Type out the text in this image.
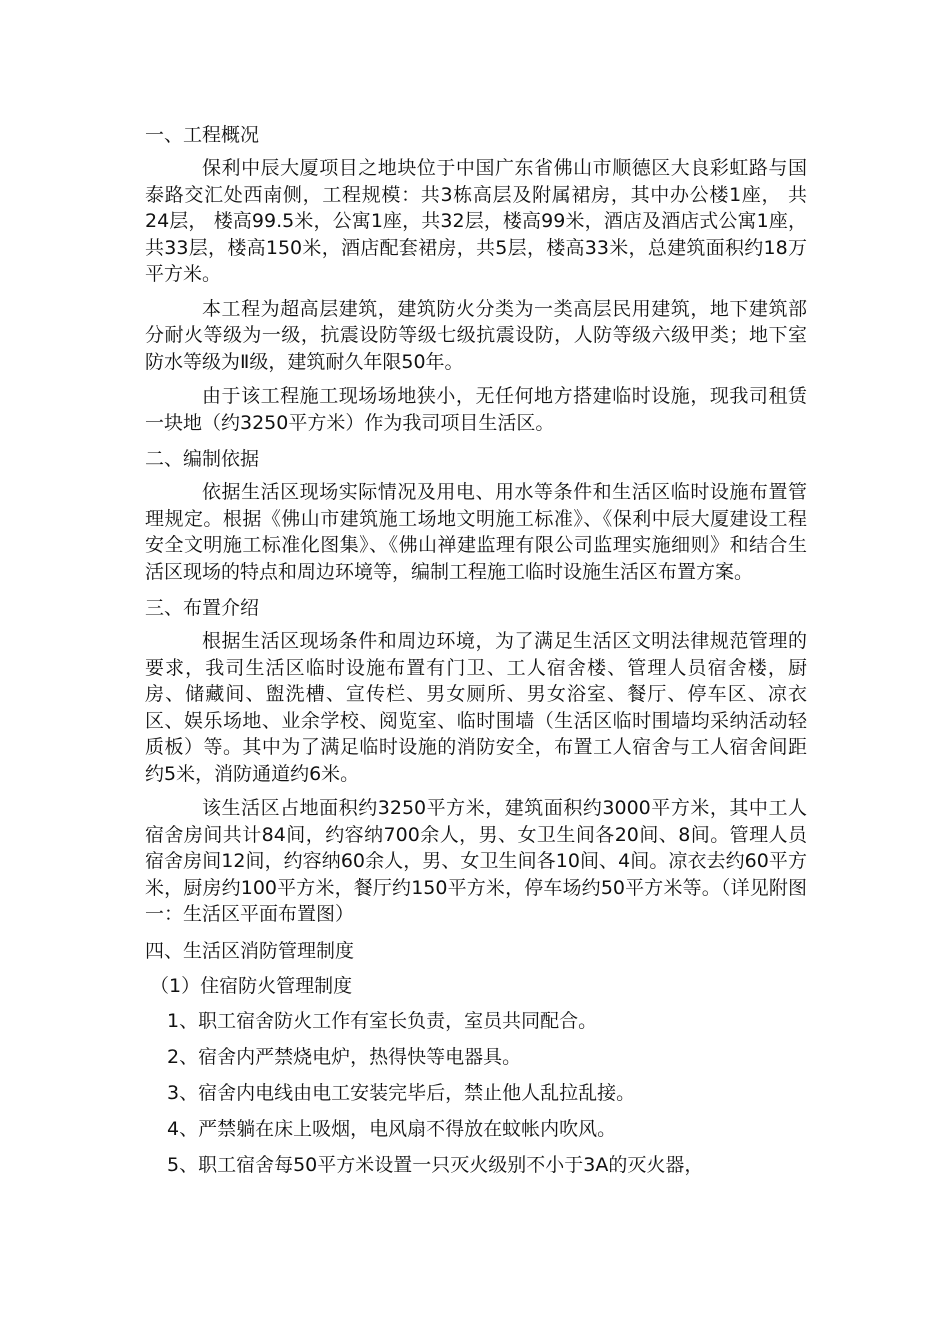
一、工程概况

保利中辰大厦项目之地块位于中国广东省佛山市顺德区大良彩虹路与国泰路交汇处西南侧，工程规模：共3栋高层及附属裙房，其中办公楼1座， 共24层， 楼高99.5米，公寓1座，共32层，楼高99米，酒店及酒店式公寓1座，共33层，楼高150米，酒店配套裙房，共5层，楼高33米，总建筑面积约18万平方米。

本工程为超高层建筑，建筑防火分类为一类高层民用建筑，地下建筑部分耐火等级为一级，抗震设防等级七级抗震设防，人防等级六级甲类；地下室防水等级为Ⅱ级，建筑耐久年限50年。

由于该工程施工现场场地狭小，无任何地方搭建临时设施，现我司租赁一块地（约3250平方米）作为我司项目生活区。

二、编制依据

依据生活区现场实际情况及用电、用水等条件和生活区临时设施布置管理规定。根据《佛山市建筑施工场地文明施工标准》、《保利中辰大厦建设工程安全文明施工标准化图集》、《佛山禅建监理有限公司监理实施细则》和结合生活区现场的特点和周边环境等，编制工程施工临时设施生活区布置方案。

三、布置介绍

根据生活区现场条件和周边环境，为了满足生活区文明法律规范管理的要求，我司生活区临时设施布置有门卫、工人宿舍楼、管理人员宿舍楼，厨房、储藏间、盥洗槽、宣传栏、男女厕所、男女浴室、餐厅、停车区、凉衣区、娱乐场地、业余学校、阅览室、临时围墙（生活区临时围墙均采纳活动轻质板）等。其中为了满足临时设施的消防安全，布置工人宿舍与工人宿舍间距约5米，消防通道约6米。

该生活区占地面积约3250平方米，建筑面积约3000平方米，其中工人宿舍房间共计84间，约容纳700余人，男、女卫生间各20间、8间。管理人员宿舍房间12间，约容纳60余人，男、女卫生间各10间、4间。凉衣去约60平方米，厨房约100平方米，餐厅约150平方米，停车场约50平方米等。（详见附图一：生活区平面布置图）

四、生活区消防管理制度
（1）住宿防火管理制度
1、职工宿舍防火工作有室长负责，室员共同配合。
2、宿舍内严禁烧电炉，热得快等电器具。
3、宿舍内电线由电工安装完毕后，禁止他人乱拉乱接。
4、严禁躺在床上吸烟，电风扇不得放在蚊帐内吹风。
5、职工宿舍每50平方米设置一只灭火级别不小于3A的灭火器，
